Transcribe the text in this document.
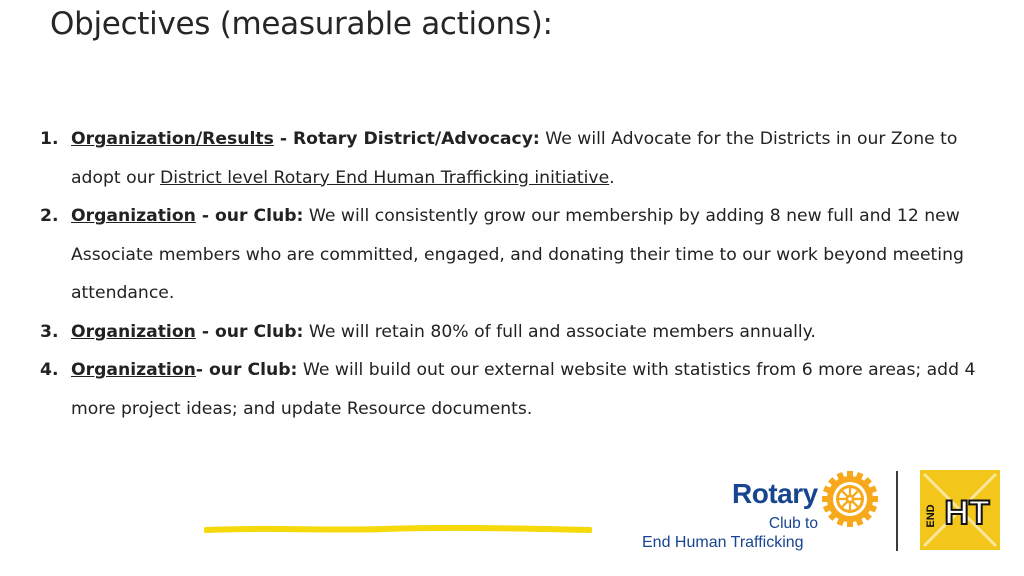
Objectives (measurable actions):
1. Organization/Results - Rotary District/Advocacy: We will Advocate for the Districts in our Zone to adopt our District level Rotary End Human Trafficking initiative.
2. Organization - our Club: We will consistently grow our membership by adding 8 new full and 12 new Associate members who are committed, engaged, and donating their time to our work beyond meeting attendance.
3. Organization - our Club: We will retain 80% of full and associate members annually.
4. Organization- our Club: We will build out our external website with statistics from 6 more areas; add 4 more project ideas; and update Resource documents.
Rotary
Club to
End Human Trafficking
END HT
